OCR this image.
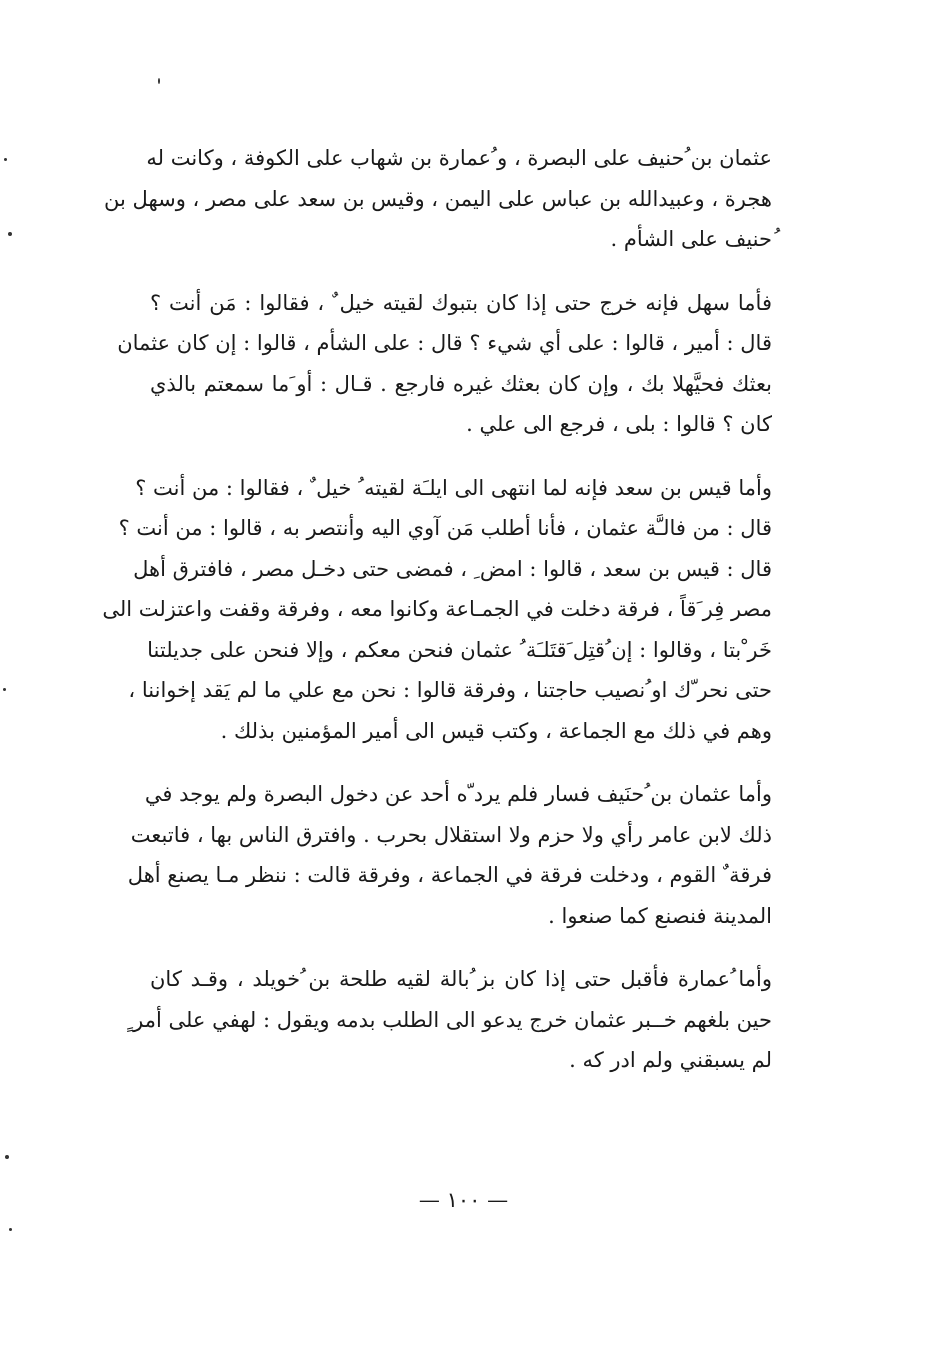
عثمان بن ُحنيف على البصرة ، و ُعمارة بن شهاب على الكوفة ، وكانت له
هجرة ، وعبيدالله بن عباس على اليمن ، وقيس بن سعد على مصر ، وسهل بن
ُحنيف على الشأم .

فأما سهل فإنه خرج حتى إذا كان بتبوك لقيته خيل ٌ ، فقالوا : مَن أنت ؟
قال : أمير ، قالوا : على أي شيء ؟ قال : على الشأم ، قالوا : إن كان عثمان
بعثك فحيَّهلا بك ، وإن كان بعثك غيره فارجع . قـال : أو َما سمعتم بالذي
كان ؟ قالوا : بلى ، فرجع الى علي .

وأما قيس بن سعد فإنه لما انتهى الى ايلـَة لقيته ُ خيل ٌ ، فقالوا : من أنت ؟
قال : من فالـَّة عثمان ، فأنا أطلب مَن آوي اليه وأنتصر به ، قالوا : من أنت ؟
قال : قيس بن سعد ، قالوا : امض ِ ، فمضى حتى دخـل مصر ، فافترق أهل
مصر فِر َقاً ، فرقة دخلت في الجمـاعة وكانوا معه ، وفرقة وقفت واعتزلت الى
خَر ْبتا ، وقالوا : إن ُقتِل َقتَلـَة ُ عثمان فنحن معكم ، وإلا فنحن على جديلتنا
حتى نحر ّك او ُنصيب حاجتنا ، وفرقة قالوا : نحن مع علي ما لم يَقد إخواننا ،
وهم في ذلك مع الجماعة ، وكتب قيس الى أمير المؤمنين بذلك .

وأما عثمان بن ُحنَيف فسار فلم يرد ّه أحد عن دخول البصرة ولم يوجد في
ذلك لابن عامر رأي ولا حزم ولا استقلال بحرب . وافترق الناس بها ، فاتبعت
فرقة ٌ القوم ، ودخلت فرقة في الجماعة ، وفرقة قالت : ننظر مـا يصنع أهل
المدينة فنصنع كما صنعوا .

وأما ُعمارة فأقبل حتى إذا كان بز ُبالة لقيه طلحة بن ُخويلد ، وقـد كان
حين بلغهم خــبر عثمان خرج يدعو الى الطلب بدمه ويقول : لهفي على أمر ٍ
لم يسبقني ولم ادر كه .

— ١٠٠ —
